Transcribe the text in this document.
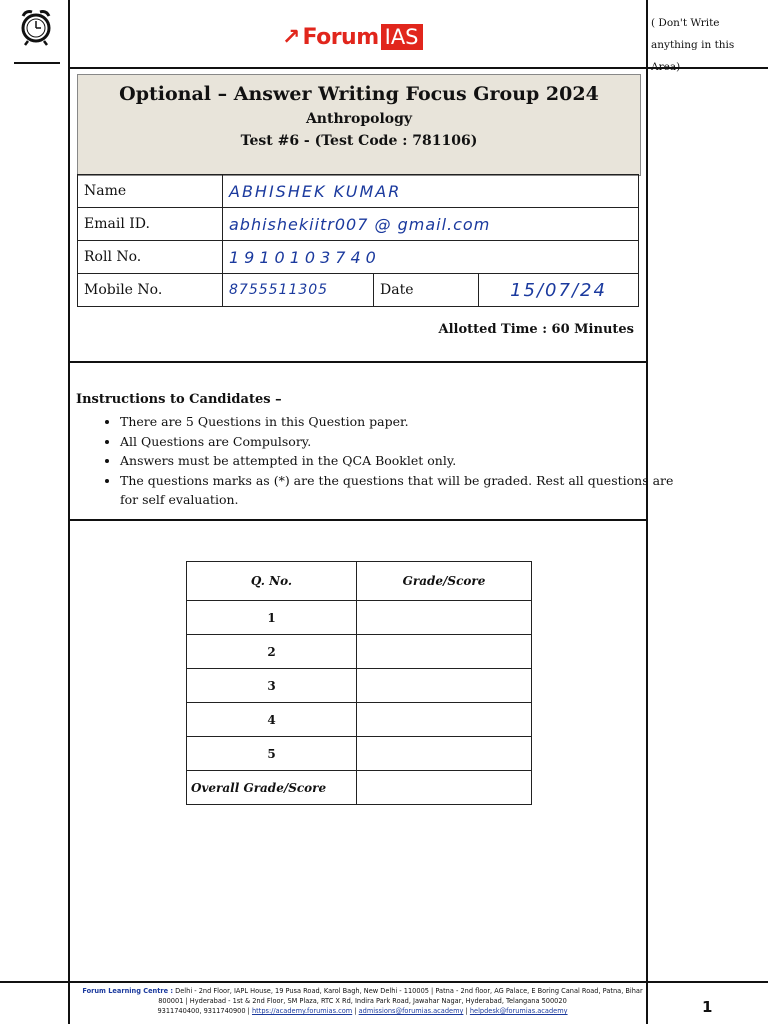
↗ Forum IAS
( Don't Write
anything in this Area)
Optional – Answer Writing Focus Group 2024
Anthropology
Test #6 - (Test Code : 781106)
Name	ABHISHEK KUMAR		
Email ID.	abhishekiitr007 @ gmail.com		
Roll No.	1910103740		
Mobile No.	8755511305	Date	15/07/24
Allotted Time : 60 Minutes
Instructions to Candidates –
• There are 5 Questions in this Question paper.
• All Questions are Compulsory.
• Answers must be attempted in the QCA Booklet only.
• The questions marks as (*) are the questions that will be graded. Rest all questions are for self evaluation.
Q. No.	Grade/Score
1	
2	
3	
4	
5	
Overall Grade/Score	
Forum Learning Centre : Delhi - 2nd Floor, IAPL House, 19 Pusa Road, Karol Bagh, New Delhi - 110005 | Patna - 2nd floor, AG Palace, E Boring Canal Road, Patna, Bihar 800001 | Hyderabad - 1st & 2nd Floor, SM Plaza, RTC X Rd, Indira Park Road, Jawahar Nagar, Hyderabad, Telangana 500020
9311740400, 9311740900 | https://academy.forumias.com | admissions@forumias.academy | helpdesk@forumias.academy	1
